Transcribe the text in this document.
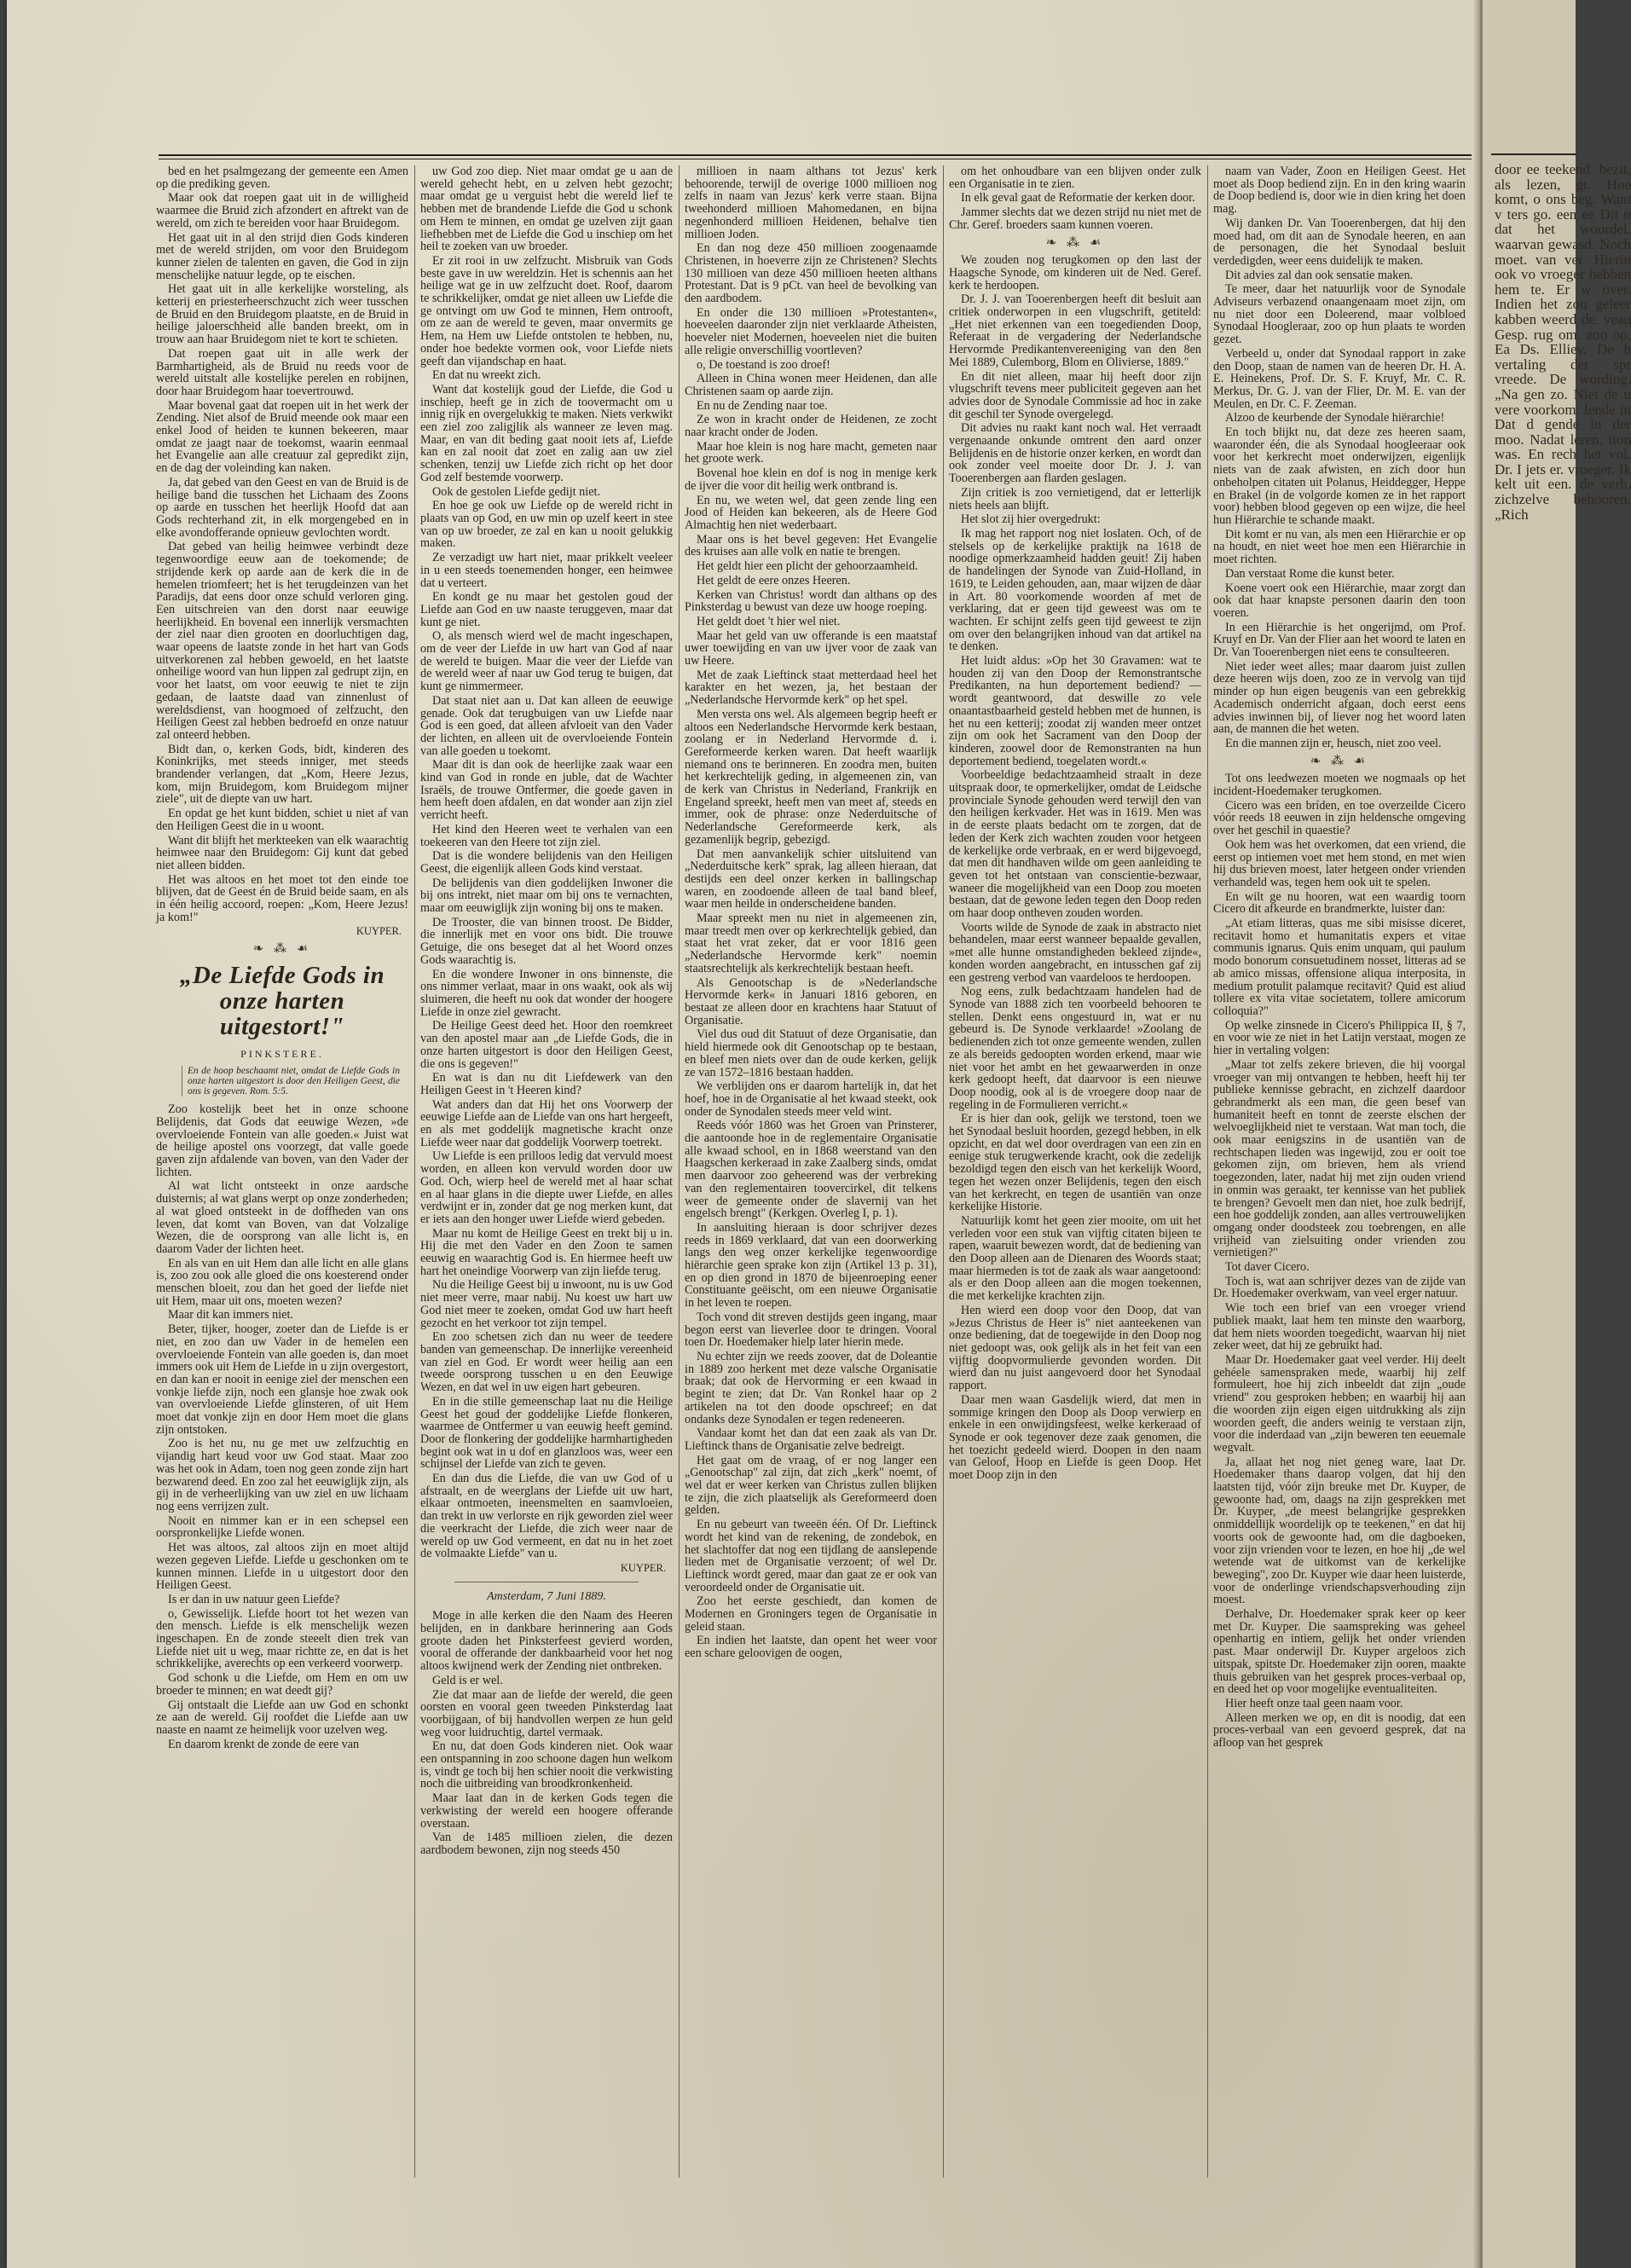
bed en het psalmgezang der gemeente een Amen op die prediking geven.

Maar ook dat roepen gaat uit in de willigheid waarmee die Bruid zich afzondert en aftrekt van de wereld, om zich te bereiden voor haar Bruidegom.

Het gaat uit in al den strijd dien Gods kinderen met de wereld strijden, om voor den Bruidegom kunner zielen de talenten en gaven, die God in zijn menschelijke natuur legde, op te eischen.

Het gaat uit in alle kerkelijke worsteling, als ketterij en priesterheerschzucht zich weer tusschen de Bruid en den Bruidegom plaatste, en de Bruid in heilige jaloerschheid alle banden breekt, om in trouw aan haar Bruidegom niet te kort te schieten.

Dat roepen gaat uit in alle werk der Barmhartigheid, als de Bruid nu reeds voor de wereld uitstalt alle kostelijke perelen en robijnen, door haar Bruidegom haar toevertrouwd.

Maar bovenal gaat dat roepen uit in het werk der Zending. Niet alsof de Bruid meende ook maar een enkel Jood of heiden te kunnen bekeeren, maar omdat ze jaagt naar de toekomst, waarin eenmaal het Evangelie aan alle creatuur zal gepredikt zijn, en de dag der voleinding kan naken.

Ja, dat gebed van den Geest en van de Bruid is de heilige band die tusschen het Lichaam des Zoons op aarde en tusschen het heerlijk Hoofd dat aan Gods rechterhand zit, in elk morgengebed en in elke avondofferande opnieuw gevlochten wordt.

Dat gebed van heilig heimwee verbindt deze tegenwoordige eeuw aan de toekomende; de strijdende kerk op aarde aan de kerk die in de hemelen triomfeert; het is het terugdeinzen van het Paradijs, dat eens door onze schuld verloren ging. Een uitschreien van den dorst naar eeuwige heerlijkheid. En bovenal een innerlijk versmachten der ziel naar dien grooten en doorluchtigen dag, waar opeens de laatste zonde in het hart van Gods uitverkorenen zal hebben gewoeld, en het laatste onheilige woord van hun lippen zal gedrupt zijn, en voor het laatst, om voor eeuwig te niet te zijn gedaan, de laatste daad van zinnenlust of wereldsdienst, van hoogmoed of zelfzucht, den Heiligen Geest zal hebben bedroefd en onze natuur zal onteerd hebben.

Bidt dan, o, kerken Gods, bidt, kinderen des Koninkrijks, met steeds inniger, met steeds brandender verlangen, dat „Kom, Heere Jezus, kom, mijn Bruidegom, kom Bruidegom mijner ziele", uit de diepte van uw hart.

En opdat ge het kunt bidden, schiet u niet af van den Heiligen Geest die in u woont.

Want dit blijft het merkteeken van elk waarachtig heimwee naar den Bruidegom: Gij kunt dat gebed niet alleen bidden.

Het was altoos en het moet tot den einde toe blijven, dat de Geest én de Bruid beide saam, en als in één heilig accoord, roepen: „Kom, Heere Jezus! ja kom!"

KUYPER.
❧ ⁂ ☙
„De Liefde Gods in onze harten uitgestort!"
PINKSTERE.
En de hoop beschaamt niet, omdat de Liefde Gods in onze harten uitgestort is door den Heiligen Geest, die ons is gegeven. Rom. 5:5.

Zoo kostelijk beet het in onze schoone Belijdenis, dat Gods dat eeuwige Wezen, »de overvloeiende Fontein van alle goeden.« Juist wat de heilige apostel ons voorzegt, dat valle goede gaven zijn afdalende van boven, van den Vader der lichten.

Al wat licht ontsteekt in onze aardsche duisternis; al wat glans werpt op onze zonderheden; al wat gloed ontsteekt in de doffheden van ons leven, dat komt van Boven, van dat Volzalige Wezen, die de oorsprong van alle licht is, en daarom Vader der lichten heet.

En als van en uit Hem dan alle licht en alle glans is, zoo zou ook alle gloed die ons koesterend onder menschen bloeit, zou dan het goed der liefde niet uit Hem, maar uit ons, moeten wezen?

Maar dit kan immers niet.

Beter, tijker, hooger, zoeter dan de Liefde is er niet, en zoo dan uw Vader in de hemelen een overvloeiende Fontein van alle goeden is, dan moet immers ook uit Hem de Liefde in u zijn overgestort, en dan kan er nooit in eenige ziel der menschen een vonkje liefde zijn, noch een glansje hoe zwak ook van overvloeiende Liefde glinsteren, of uit Hem moet dat vonkje zijn en door Hem moet die glans zijn ontstoken.

Zoo is het nu, nu ge met uw zelfzuchtig en vijandig hart keud voor uw God staat. Maar zoo was het ook in Adam, toen nog geen zonde zijn hart bezwarend deed. En zoo zal het eeuwiglijk zijn, als gij in de verheerlijking van uw ziel en uw lichaam nog eens verrijzen zult.

Nooit en nimmer kan er in een schepsel een oorspronkelijke Liefde wonen.

Het was altoos, zal altoos zijn en moet altijd wezen gegeven Liefde. Liefde u geschonken om te kunnen minnen. Liefde in u uitgestort door den Heiligen Geest.

Is er dan in uw natuur geen Liefde?

o, Gewisselijk. Liefde hoort tot het wezen van den mensch. Liefde is elk menschelijk wezen ingeschapen. En de zonde steeelt dien trek van Liefde niet uit u weg, maar richtte ze, en dat is het schrikkelijke, averechts op een verkeerd voorwerp.

God schonk u die Liefde, om Hem en om uw broeder te minnen; en wat deedt gij?

Gij ontstaalt die Liefde aan uw God en schonkt ze aan de wereld. Gij roofdet die Liefde aan uw naaste en naamt ze heimelijk voor uzelven weg.

En daarom krenkt de zonde de eere van

uw God zoo diep. Niet maar omdat ge u aan de wereld gehecht hebt, en u zelven hebt gezocht; maar omdat ge u verguist hebt die wereld lief te hebben met de brandende Liefde die God u schonk om Hem te minnen, en omdat ge uzelven zijt gaan liefhebben met de Liefde die God u inschiep om het heil te zoeken van uw broeder.

Er zit rooi in uw zelfzucht. Misbruik van Gods beste gave in uw wereldzin. Het is schennis aan het heilige wat ge in uw zelfzucht doet. Roof, daarom te schrikkelijker, omdat ge niet alleen uw Liefde die ge ontvingt om uw God te minnen, Hem ontrooft, om ze aan de wereld te geven, maar onvermits ge Hem, na Hem uw Liefde ontstolen te hebben, nu, onder hoe bedekte vormen ook, voor Liefde niets geeft dan vijandschap en haat.

En dat nu wreekt zich.

Want dat kostelijk goud der Liefde, die God u inschiep, heeft ge in zich de toovermacht om u innig rijk en overgelukkig te maken. Niets verkwikt een ziel zoo zaligjlik als wanneer ze leven mag. Maar, en van dit beding gaat nooit iets af, Liefde kan en zal nooit dat zoet en zalig aan uw ziel schenken, tenzij uw Liefde zich richt op het door God zelf bestemde voorwerp.

Ook de gestolen Liefde gedijt niet.

En hoe ge ook uw Liefde op de wereld richt in plaats van op God, en uw min op uzelf keert in stee van op uw broeder, ze zal en kan u nooit gelukkig maken.

Ze verzadigt uw hart niet, maar prikkelt veeleer in u een steeds toenemenden honger, een heimwee dat u verteert.

En kondt ge nu maar het gestolen goud der Liefde aan God en uw naaste teruggeven, maar dat kunt ge niet.

O, als mensch wierd wel de macht ingeschapen, om de veer der Liefde in uw hart van God af naar de wereld te buigen. Maar die veer der Liefde van de wereld weer af naar uw God terug te buigen, dat kunt ge nimmermeer.

Dat staat niet aan u. Dat kan alleen de eeuwige genade. Ook dat terugbuigen van uw Liefde naar God is een goed, dat alleen afvloeit van den Vader der lichten, en alleen uit de overvloeiende Fontein van alle goeden u toekomt.

Maar dit is dan ook de heerlijke zaak waar een kind van God in ronde en juble, dat de Wachter Israëls, de trouwe Ontfermer, die goede gaven in hem heeft doen afdalen, en dat wonder aan zijn ziel verricht heeft.

Het kind den Heeren weet te verhalen van een toekeeren van den Heere tot zijn ziel.

Dat is die wondere belijdenis van den Heiligen Geest, die eigenlijk alleen Gods kind verstaat.

De belijdenis van dien goddelijken Inwoner die bij ons intrekt, niet maar om bij ons te vernachten, maar om eeuwiglijk zijn woning bij ons te maken.

De Trooster, die van binnen troost. De Bidder, die innerlijk met en voor ons bidt. Die trouwe Getuige, die ons beseget dat al het Woord onzes Gods waarachtig is.

En die wondere Inwoner in ons binnenste, die ons nimmer verlaat, maar in ons waakt, ook als wij sluimeren, die heeft nu ook dat wonder der hoogere Liefde in onze ziel gewracht.

De Heilige Geest deed het. Hoor den roemkreet van den apostel maar aan „de Liefde Gods, die in onze harten uitgestort is door den Heiligen Geest, die ons is gegeven!"

En wat is dan nu dit Liefdewerk van den Heiligen Geest in 't Heeren kind?

Wat anders dan dat Hij het ons Voorwerp der eeuwige Liefde aan de Liefde van ons hart hergeeft, en als met goddelijk magnetische kracht onze Liefde weer naar dat goddelijk Voorwerp toetrekt.

Uw Liefde is een prilloos ledig dat vervuld moest worden, en alleen kon vervuld worden door uw God. Och, wierp heel de wereld met al haar schat en al haar glans in die diepte uwer Liefde, en alles verdwijnt er in, zonder dat ge nog merken kunt, dat er iets aan den honger uwer Liefde wierd gebeden.

Maar nu komt de Heilige Geest en trekt bij u in. Hij die met den Vader en den Zoon te samen eeuwig en waarachtig God is. En hiermee heeft uw hart het oneindige Voorwerp van zijn liefde terug.

Nu die Heilige Geest bij u inwoont, nu is uw God niet meer verre, maar nabij. Nu koest uw hart uw God niet meer te zoeken, omdat God uw hart heeft gezocht en het verkoor tot zijn tempel.

En zoo schetsen zich dan nu weer de teedere banden van gemeenschap. De innerlijke vereenheid van ziel en God. Er wordt weer heilig aan een tweede oorsprong tusschen u en den Eeuwige Wezen, en dat wel in uw eigen hart gebeuren.

En in die stille gemeenschap laat nu die Heilige Geest het goud der goddelijke Liefde flonkeren, waarmee de Ontfermer u van eeuwig heeft gemind. Door de flonkering der goddelijke harmhartigheden begint ook wat in u dof en glanzloos was, weer een schijnsel der Liefde van zich te geven.

En dan dus die Liefde, die van uw God of u afstraalt, en de weerglans der Liefde uit uw hart, elkaar ontmoeten, ineensmelten en saamvloeien, dan trekt in uw verlorste en rijk geworden ziel weer die veerkracht der Liefde, die zich weer naar de wereld op uw God vermeent, en dat nu in het zoet de volmaakte Liefde" van u.

KUYPER.
Amsterdam, 7 Juni 1889.

Moge in alle kerken die den Naam des Heeren belijden, en in dankbare herinnering aan Gods groote daden het Pinksterfeest gevierd worden, vooral de offerande der dankbaarheid voor het nog altoos kwijnend werk der Zending niet ontbreken.

Geld is er wel.

Zie dat maar aan de liefde der wereld, die geen oorsten en vooral geen tweeden Pinksterdag laat voorbijgaan, of bij handvollen werpen ze hun geld weg voor luidruchtig, dartel vermaak.

En nu, dat doen Gods kinderen niet. Ook waar een ontspanning in zoo schoone dagen hun welkom is, vindt ge toch bij hen schier nooit die verkwisting noch die uitbreiding van broodkronkenheid.

Maar laat dan in de kerken Gods tegen die verkwisting der wereld een hoogere offerande overstaan.

Van de 1485 millioen zielen, die dezen aardbodem bewonen, zijn nog steeds 450

millioen in naam althans tot Jezus' kerk behoorende, terwijl de overige 1000 millioen nog zelfs in naam van Jezus' kerk verre staan. Bijna tweehonderd millioen Mahomedanen, en bijna negenhonderd millioen Heidenen, behalve tien millioen Joden.

En dan nog deze 450 millioen zoogenaamde Christenen, in hoeverre zijn ze Christenen? Slechts 130 millioen van deze 450 millioen heeten althans Protestant. Dat is 9 pCt. van heel de bevolking van den aardbodem.

En onder die 130 millioen »Protestanten«, hoeveelen daaronder zijn niet verklaarde Atheisten, hoeveler niet Modernen, hoeveelen niet die buiten alle religie onverschillig voortleven?

o, De toestand is zoo droef!

Alleen in China wonen meer Heidenen, dan alle Christenen saam op aarde zijn.

En nu de Zending naar toe.

Ze won in kracht onder de Heidenen, ze zocht naar kracht onder de Joden.

Maar hoe klein is nog hare macht, gemeten naar het groote werk.

Bovenal hoe klein en dof is nog in menige kerk de ijver die voor dit heilig werk ontbrand is.

En nu, we weten wel, dat geen zende ling een Jood of Heiden kan bekeeren, als de Heere God Almachtig hen niet wederbaart.

Maar ons is het bevel gegeven: Het Evangelie des kruises aan alle volk en natie te brengen.

Het geldt hier een plicht der gehoorzaamheid.

Het geldt de eere onzes Heeren.

Kerken van Christus! wordt dan althans op des Pinksterdag u bewust van deze uw hooge roeping.

Het geldt doet 't hier wel niet.

Maar het geld van uw offerande is een maatstaf uwer toewijding en van uw ijver voor de zaak van uw Heere.

Met de zaak Lieftinck staat metterdaad heel het karakter en het wezen, ja, het bestaan der „Nederlandsche Hervormde kerk" op het spel.

Men versta ons wel. Als algemeen begrip heeft er altoos een Nederlandsche Hervormde kerk bestaan, zoolang er in Nederland Hervormde d. i. Gereformeerde kerken waren. Dat heeft waarlijk niemand ons te berinneren. En zoodra men, buiten het kerkrechtelijk geding, in algemeenen zin, van de kerk van Christus in Nederland, Frankrijk en Engeland spreekt, heeft men van meet af, steeds en immer, ook de phrase: onze Nederduitsche of Nederlandsche Gereformeerde kerk, als gezamenlijk begrip, gebezigd.

Dat men aanvankelijk schier uitsluitend van „Nederduitsche kerk" sprak, lag alleen hieraan, dat destijds een deel onzer kerken in ballingschap waren, en zoodoende alleen de taal band bleef, waar men heilde in onderscheidene banden.

Maar spreekt men nu niet in algemeenen zin, maar treedt men over op kerkrechtelijk gebied, dan staat het vrat zeker, dat er voor 1816 geen „Nederlandsche Hervormde kerk" noemin staatsrechtelijk als kerkrechtelijk bestaan heeft.

Als Genootschap is de »Nederlandsche Hervormde kerk« in Januari 1816 geboren, en bestaat ze alleen door en krachtens haar Statuut of Organisatie.

Viel dus oud dit Statuut of deze Organisatie, dan hield hiermede ook dit Genootschap op te bestaan, en bleef men niets over dan de oude kerken, gelijk ze van 1572–1816 bestaan hadden.

We verblijden ons er daarom hartelijk in, dat het hoef, hoe in de Organisatie al het kwaad steekt, ook onder de Synodalen steeds meer veld wint.

Reeds vóór 1860 was het Groen van Prinsterer, die aantoonde hoe in de reglementaire Organisatie alle kwaad school, en in 1868 weerstand van den Haagschen kerkeraad in zake Zaalberg sinds, omdat men daarvoor zoo geheerend was der verbreking van den reglementairen toovercirkel, dit telkens weer de gemeente onder de slavernij van het engelsch brengt" (Kerkgen. Overleg I, p. 1).

In aansluiting hieraan is door schrijver dezes reeds in 1869 verklaard, dat van een doorwerking langs den weg onzer kerkelijke tegenwoordige hiërarchie geen sprake kon zijn (Artikel 13 p. 31), en op dien grond in 1870 de bijeenroeping eener Constituante geëischt, om een nieuwe Organisatie in het leven te roepen.

Toch vond dit streven destijds geen ingang, maar begon eerst van lieverlee door te dringen. Vooral toen Dr. Hoedemaker hielp later hierin mede.

Nu echter zijn we reeds zoover, dat de Doleantie in 1889 zoo herkent met deze valsche Organisatie braak; dat ook de Hervorming er een kwaad in begint te zien; dat Dr. Van Ronkel haar op 2 artikelen na tot den doode opschreef; en dat ondanks deze Synodalen er tegen redeneeren.

Vandaar komt het dan dat een zaak als van Dr. Lieftinck thans de Organisatie zelve bedreigt.

Het gaat om de vraag, of er nog langer een „Genootschap" zal zijn, dat zich „kerk" noemt, of wel dat er weer kerken van Christus zullen blijken te zijn, die zich plaatselijk als Gereformeerd doen gelden.

En nu gebeurt van tweeën één. Of Dr. Lieftinck wordt het kind van de rekening, de zondebok, en het slachtoffer dat nog een tijdlang de aanslepende lieden met de Organisatie verzoent; of wel Dr. Lieftinck wordt gered, maar dan gaat ze er ook van veroordeeld onder de Organisatie uit.

Zoo het eerste geschiedt, dan komen de Modernen en Groningers tegen de Organisatie in geleid staan.

En indien het laatste, dan opent het weer voor een schare geloovigen de oogen,

om het onhoudbare van een blijven onder zulk een Organisatie in te zien.

In elk geval gaat de Reformatie der kerken door.

Jammer slechts dat we dezen strijd nu niet met de Chr. Geref. broeders saam kunnen voeren.

❧ ⁂ ☙

We zouden nog terugkomen op den last der Haagsche Synode, om kinderen uit de Ned. Geref. kerk te herdoopen.

Dr. J. J. van Tooerenbergen heeft dit besluit aan critiek onderworpen in een vlugschrift, getiteld: „Het niet erkennen van een toegedienden Doop, Referaat in de vergadering der Nederlandsche Hervormde Predikantenvereeniging van den 8en Mei 1889, Culemborg, Blom en Olivierse, 1889."

En dit niet alleen, maar hij heeft door zijn vlugschrift tevens meer publiciteit gegeven aan het advies door de Synodale Commissie ad hoc in zake dit geschil ter Synode overgelegd.

Dit advies nu raakt kant noch wal. Het verraadt vergenaande onkunde omtrent den aard onzer Belijdenis en de historie onzer kerken, en wordt dan ook zonder veel moeite door Dr. J. J. van Tooerenbergen aan flarden geslagen.

Zijn critiek is zoo vernietigend, dat er letterlijk niets heels aan blijft.

Het slot zij hier overgedrukt:

Ik mag het rapport nog niet loslaten. Och, of de stelsels op de kerkelijke praktijk na 1618 de noodige opmerkzaamheid hadden geuit! Zij haben de handelingen der Synode van Zuid-Holland, in 1619, te Leiden gehouden, aan, maar wijzen de dàar in Art. 80 voorkomende woorden af met de verklaring, dat er geen tijd geweest was om te wachten. Er schijnt zelfs geen tijd geweest te zijn om over den belangrijken inhoud van dat artikel na te denken.

Het luidt aldus: »Op het 30 Gravamen: wat te houden zij van den Doop der Remonstrantsche Predikanten, na hun deportement bediend? — wordt geantwoord, dat deswille zo vele onaantastbaarheid gesteld hebben met de hunnen, is het nu een ketterij; zoodat zij wanden meer ontzet zijn om ook het Sacrament van den Doop der kinderen, zoowel door de Remonstranten na hun deportement bediend, toegelaten wordt.«

Voorbeeldige bedachtzaamheid straalt in deze uitspraak door, te opmerkelijker, omdat de Leidsche provinciale Synode gehouden werd terwijl den van den heiligen kerkvader. Het was in 1619. Men was in de eerste plaats bedacht om te zorgen, dat de leden der Kerk zich wachten zouden voor hetgeen de kerkelijke orde verbraak, en er werd bijgevoegd, dat men dit handhaven wilde om geen aanleiding te geven tot het ontstaan van conscientie-bezwaar, waneer die mogelijkheid van een Doop zou moeten bestaan, dat de gewone leden tegen den Doop reden om haar doop ontheven zouden worden.

Voorts wilde de Synode de zaak in abstracto niet behandelen, maar eerst wanneer bepaalde gevallen, »met alle hunne omstandigheden bekleed zijnde«, konden worden aangebracht, en intusschen gaf zij een gestreng verbod van vaardeloos te herdoopen.

Nog eens, zulk bedachtzaam handelen had de Synode van 1888 zich ten voorbeeld behooren te stellen. Denkt eens ongestuurd in, wat er nu gebeurd is. De Synode verklaarde! »Zoolang de bedienenden zich tot onze gemeente wenden, zullen ze als bereids gedoopten worden erkend, maar wie niet voor het ambt en het gewaarwerden in onze kerk gedoopt heeft, dat daarvoor is een nieuwe Doop noodig, ook al is de vroegere doop naar de regeling in de Formulieren verricht.«

Er is hier dan ook, gelijk we terstond, toen we het Synodaal besluit hoorden, gezegd hebben, in elk opzicht, en dat wel door overdragen van een zin en eenige stuk terugwerkende kracht, ook die zedelijk bezoldigd tegen den eisch van het kerkelijk Woord, tegen het wezen onzer Belijdenis, tegen den eisch van het kerkrecht, en tegen de usantiën van onze kerkelijke Historie.

Natuurlijk komt het geen zier mooite, om uit het verleden voor een stuk van vijftig citaten bijeen te rapen, waaruit bewezen wordt, dat de bediening van den Doop alleen aan de Dienaren des Woords staat; maar hiermeden is tot de zaak als waar aangetoond: als er den Doop alleen aan die mogen toekennen, die met kerkelijke krachten zijn.

Hen wierd een doop voor den Doop, dat van »Jezus Christus de Heer is" niet aanteekenen van onze bediening, dat de toegewijde in den Doop nog niet gedoopt was, ook gelijk als in het feit van een vijftig doopvormulierde gevonden worden. Dit wierd dan nu juist aangevoerd door het Synodaal rapport.

Daar men waan Gasdelijk wierd, dat men in sommige kringen den Doop als Doop verwierp en enkele in een onwijdingsfeest, welke kerkeraad of Synode er ook tegenover deze zaak genomen, die het toezicht gedeeld wierd. Doopen in den naam van Geloof, Hoop en Liefde is geen Doop. Het moet Doop zijn in den

naam van Vader, Zoon en Heiligen Geest. Het moet als Doop bediend zijn. En in den kring waarin de Doop bediend is, door wie in dien kring het doen mag.

Wij danken Dr. Van Tooerenbergen, dat hij den moed had, om dit aan de Synodale heeren, en aan de personagen, die het Synodaal besluit verdedigden, weer eens duidelijk te maken.

Dit advies zal dan ook sensatie maken.

Te meer, daar het natuurlijk voor de Synodale Adviseurs verbazend onaangenaam moet zijn, om nu niet door een Doleerend, maar volbloed Synodaal Hoogleraar, zoo op hun plaats te worden gezet.

Verbeeld u, onder dat Synodaal rapport in zake den Doop, staan de namen van de heeren Dr. H. A. E. Heinekens, Prof. Dr. S. F. Kruyf, Mr. C. R. Merkus, Dr. G. J. van der Flier, Dr. M. E. van der Meulen, en Dr. C. F. Zeeman.

Alzoo de keurbende der Synodale hiërarchie!

En toch blijkt nu, dat deze zes heeren saam, waaronder één, die als Synodaal hoogleeraar ook voor het kerkrecht moet onderwijzen, eigenlijk niets van de zaak afwisten, en zich door hun onbeholpen citaten uit Polanus, Heiddegger, Heppe en Brakel (in de volgorde komen ze in het rapport voor) hebben blood gegeven op een wijze, die heel hun Hiërarchie te schande maakt.

Dit komt er nu van, als men een Hiërarchie er op na houdt, en niet weet hoe men een Hiërarchie in moet richten.

Dan verstaat Rome die kunst beter.

Koene voert ook een Hiërarchie, maar zorgt dan ook dat haar knapste personen daarin den toon voeren.

In een Hiërarchie is het ongerijmd, om Prof. Kruyf en Dr. Van der Flier aan het woord te laten en Dr. Van Tooerenbergen niet eens te consulteeren.

Niet ieder weet alles; maar daarom juist zullen deze heeren wijs doen, zoo ze in vervolg van tijd minder op hun eigen beugenis van een gebrekkig Academisch onderricht afgaan, doch eerst eens advies inwinnen bij, of liever nog het woord laten aan, de mannen die het weten.

En die mannen zijn er, heusch, niet zoo veel.

❧ ⁂ ☙

Tot ons leedwezen moeten we nogmaals op het incident-Hoedemaker terugkomen.

Cicero was een bríden, en toe overzeilde Cicero vóór reeds 18 eeuwen in zijn heldensche omgeving over het geschil in quaestie?

Ook hem was het overkomen, dat een vriend, die eerst op intiemen voet met hem stond, en met wien hij dus brieven moest, later hetgeen onder vrienden verhandeld was, tegen hem ook uit te spelen.

En wilt ge nu hooren, wat een waardig toorn Cicero dit afkeurde en brandmerkte, luister dan:

„At etiam litteras, quas me sibi misisse diceret, recitavit homo et humanitatis expers et vitae communis ignarus. Quis enim unquam, qui paulum modo bonorum consuetudinem nosset, litteras ad se ab amico missas, offensione aliqua interposita, in medium protulit palamque recitavit? Quid est aliud tollere ex vita vitae societatem, tollere amicorum colloquia?"

Op welke zinsnede in Cicero's Philippica II, § 7, en voor wie ze niet in het Latijn verstaat, mogen ze hier in vertaling volgen:

„Maar tot zelfs zekere brieven, die hij voorgal vroeger van mij ontvangen te hebben, heeft hij ter publieke kennisse gebracht, en zichzelf daardoor gebrandmerkt als een man, die geen besef van humaniteit heeft en tonnt de zeerste elschen der welvoeglijkheid niet te verstaan. Wat man toch, die ook maar eenigszins in de usantiën van de rechtschapen lieden was ingewijd, zou er ooit toe gekomen zijn, om brieven, hem als vriend toegezonden, later, nadat hij met zijn ouden vriend in onmin was geraakt, ter kennisse van het publiek te brengen? Gevoelt men dan niet, hoe zulk bedrijf, een hoe goddelijk zonden, aan alles vertrouwelijken omgang onder doodsteek zou toebrengen, en alle vrijheid van zielsuiting onder vrienden zou vernietigen?"

Tot daver Cicero.

Toch is, wat aan schrijver dezes van de zijde van Dr. Hoedemaker overkwam, van veel erger natuur.

Wie toch een brief van een vroeger vriend publiek maakt, laat hem ten minste den waarborg, dat hem niets woorden toegedicht, waarvan hij niet zeker weet, dat hij ze gebruikt had.

Maar Dr. Hoedemaker gaat veel verder. Hij deelt gehéele samenspraken mede, waarbij hij zelf formuleert, hoe hij zich inbeeldt dat zijn „oude vriend" zou gesproken hebben; en waarbij hij aan die woorden zijn eigen eigen uitdrukking als zijn woorden geeft, die anders weinig te verstaan zijn, voor die inderdaad van „zijn beweren ten eeuemale wegvalt.

Ja, allaat het nog niet geneg ware, laat Dr. Hoedemaker thans daarop volgen, dat hij den laatsten tijd, vóór zijn breuke met Dr. Kuyper, de gewoonte had, om, daags na zijn gesprekken met Dr. Kuyper, „de meest belangrijke gesprekken onmiddellijk woordelijk op te teekenen," en dat hij voorts ook de gewoonte had, om die dagboeken, voor zijn vrienden voor te lezen, en hoe hij „de wel wetende wat de uitkomst van de kerkelijke beweging", zoo Dr. Kuyper wie daar heen luisterde, voor de onderlinge vriendschapsverhouding zijn moest.

Derhalve, Dr. Hoedemaker sprak keer op keer met Dr. Kuyper. Die saamspreking was geheel openhartig en intiem, gelijk het onder vrienden past. Maar onderwijl Dr. Kuyper argeloos zich uitspak, spitste Dr. Hoedemaker zijn ooren, maakte thuis gebruiken van het gesprek proces-verbaal op, en deed het op voor mogelijke eventualiteiten.

Hier heeft onze taal geen naam voor.

Alleen merken we op, en dit is noodig, dat een proces-verbaal van een gevoerd gesprek, dat na afloop van het gesprek

door ee teekend. bezit, als lezen, gt. Hoe komt, o ons beg. Want v ters go. een ee Dit n dat het woordel. waarvan gewasd. Noch moet. van ver. Hierin ook vo vroeger hebben hem te. Er w over. Indien het zou geleer kabben weerd de. veau Gesp. rug om. zoo op, Ea Ds. Elliev. De h vertaling der spr vreede. De wording. „Na gen zo. Niet de u vere voorkom. lende in Dat d gende in der moo. Nadat leren. tion was. En rech het vol. Dr. I jets er. vroeger. Ik kelt uit een. de verh. zichzelve behooren. „Rich
